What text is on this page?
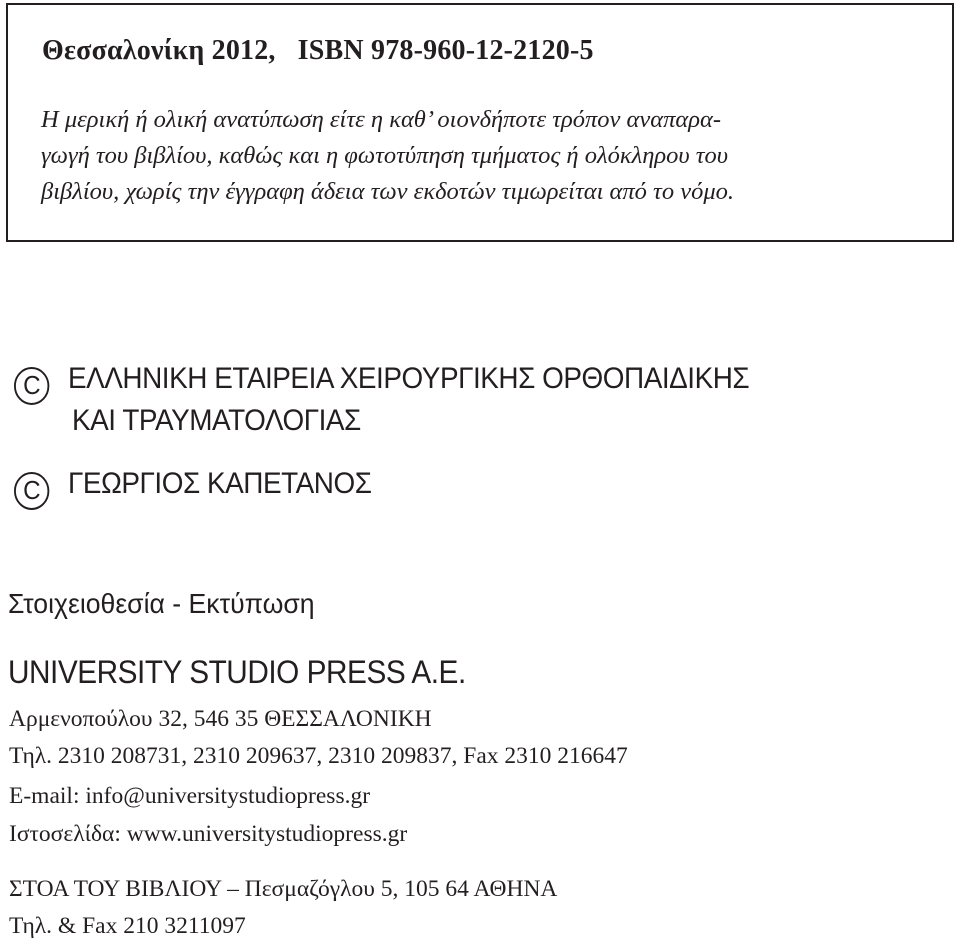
Θεσσαλονίκη 2012, ISBN 978-960-12-2120-5
Η μερική ή ολική ανατύπωση είτε η καθ’ οιονδήποτε τρόπον αναπαρα-
γωγή του βιβλίου, καθώς και η φωτοτύπηση τμήματος ή ολόκληρου του
βιβλίου, χωρίς την έγγραφη άδεια των εκδοτών τιμωρείται από το νόμο.
C ΕΛΛΗΝΙΚΗ ΕΤΑΙΡΕΙΑ ΧΕΙΡΟΥΡΓΙΚΗΣ ΟΡΘΟΠΑΙΔΙΚΗΣ
ΚΑΙ ΤΡΑΥΜΑΤΟΛΟΓΙΑΣ
C ΓΕΩΡΓΙΟΣ ΚΑΠΕΤΑΝΟΣ
Στοιχειοθεσία - Εκτύπωση
UNIVERSITY STUDIO PRESS A.E.
Αρμενοπούλου 32, 546 35 ΘΕΣΣΑΛΟΝΙΚΗ
Τηλ. 2310 208731, 2310 209637, 2310 209837, Fax 2310 216647
E-mail: info@universitystudiopress.gr
Ιστοσελίδα: www.universitystudiopress.gr
ΣΤΟΑ ΤΟΥ ΒΙΒΛΙΟΥ – Πεσμαζόγλου 5, 105 64 ΑΘΗΝΑ
Τηλ. & Fax 210 3211097
